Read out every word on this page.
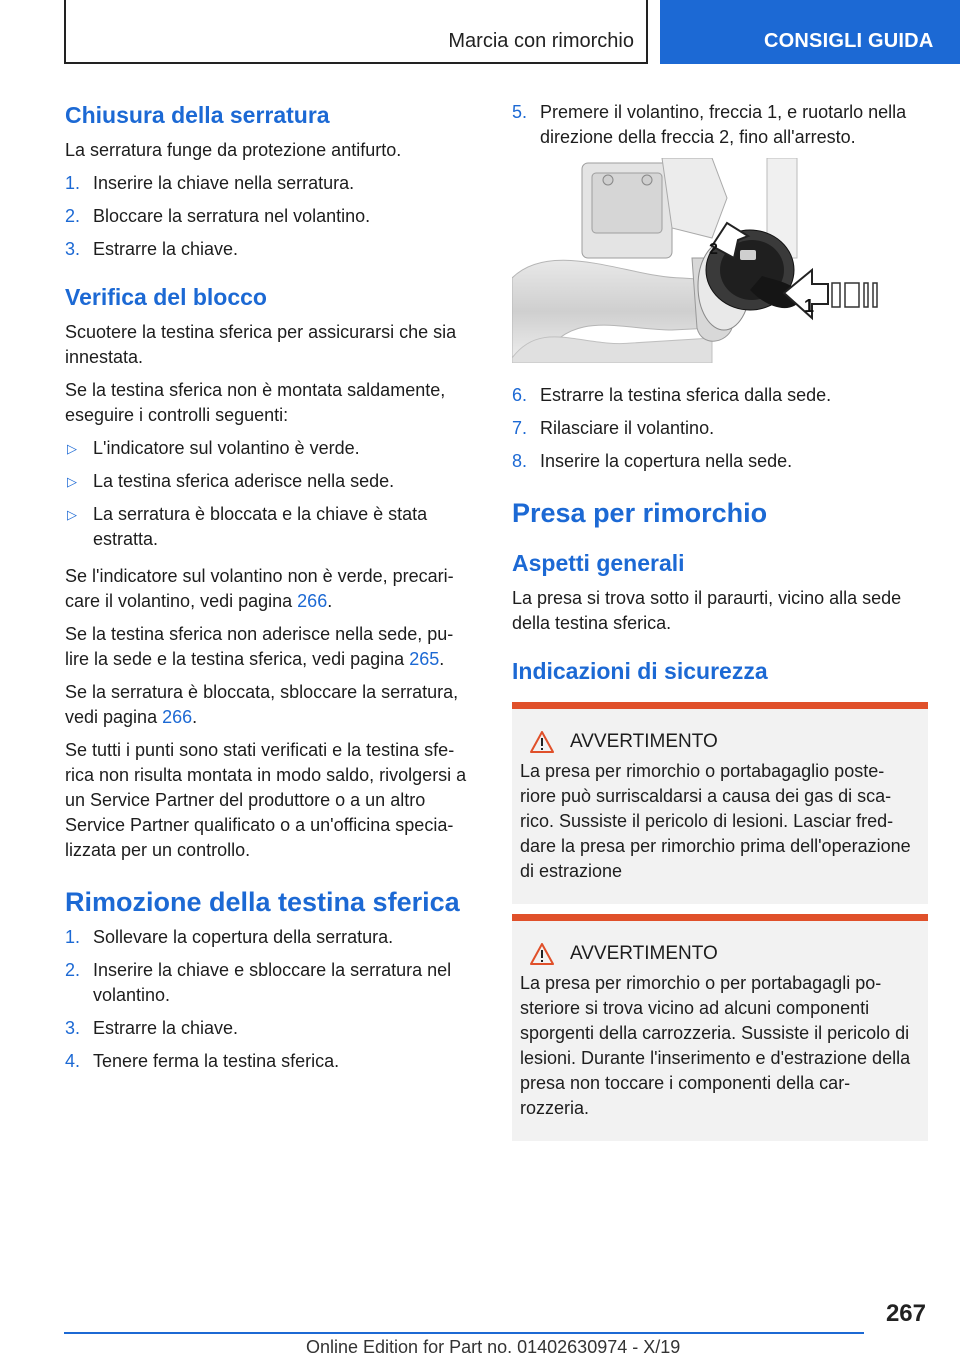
Marcia con rimorchio	CONSIGLI GUIDA
Chiusura della serratura

La serratura funge da protezione antifurto.

1. Inserire la chiave nella serratura.
2. Bloccare la serratura nel volantino.
3. Estrarre la chiave.
Verifica del blocco

Scuotere la testina sferica per assicurarsi che sia innestata.

Se la testina sferica non è montata saldamente, eseguire i controlli seguenti:

▷ L'indicatore sul volantino è verde.
▷ La testina sferica aderisce nella sede.
▷ La serratura è bloccata e la chiave è stata estratta.

Se l'indicatore sul volantino non è verde, precari-care il volantino, vedi pagina 266.

Se la testina sferica non aderisce nella sede, pu-lire la sede e la testina sferica, vedi pagina 265.

Se la serratura è bloccata, sbloccare la serratura, vedi pagina 266.

Se tutti i punti sono stati verificati e la testina sfe-rica non risulta montata in modo saldo, rivolgersi a un Service Partner del produttore o a un altro Service Partner qualificato o a un'officina specia-lizzata per un controllo.

Rimozione della testina sferica
1. Sollevare la copertura della serratura.
2. Inserire la chiave e sbloccare la serratura nel volantino.
3. Estrarre la chiave.
4. Tenere ferma la testina sferica.
5. Premere il volantino, freccia 1, e ruotarlo nella direzione della freccia 2, fino all'arresto.
2
1
6. Estrarre la testina sferica dalla sede.
7. Rilasciare il volantino.
8. Inserire la copertura nella sede.
Presa per rimorchio
Aspetti generali

La presa si trova sotto il paraurti, vicino alla sede della testina sferica.

Indicazioni di sicurezza
AVVERTIMENTO

La presa per rimorchio o portabagaglio poste-riore può surriscaldarsi a causa dei gas di sca-rico. Sussiste il pericolo di lesioni. Lasciar fred-dare la presa per rimorchio prima dell'operazione di estrazione

AVVERTIMENTO

La presa per rimorchio o per portabagagli po-steriore si trova vicino ad alcuni componenti sporgenti della carrozzeria. Sussiste il pericolo di lesioni. Durante l'inserimento e d'estrazione della presa non toccare i componenti della car-rozzeria.

267
Online Edition for Part no. 01402630974 - X/19
